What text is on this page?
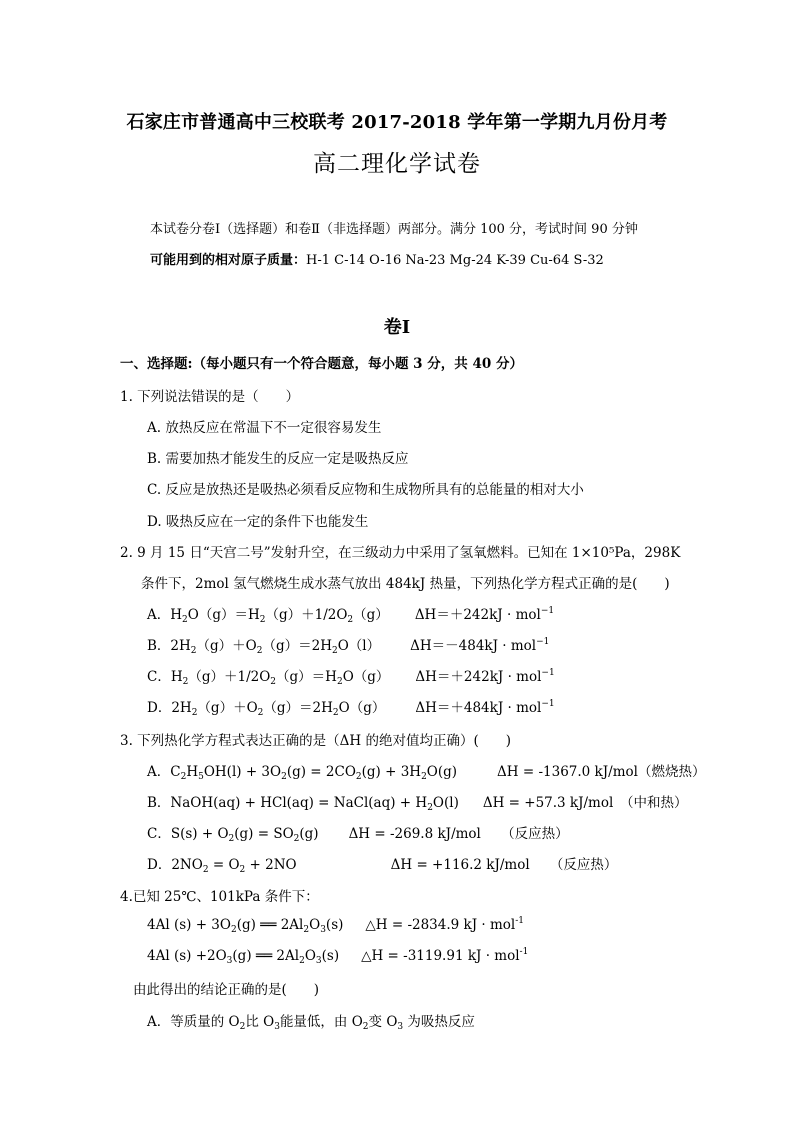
石家庄市普通高中三校联考 2017-2018 学年第一学期九月份月考
高二理化学试卷
本试卷分卷Ⅰ（选择题）和卷Ⅱ（非选择题）两部分。满分 100 分，考试时间 90 分钟
可能用到的相对原子质量：H-1 C-14 O-16 Na-23 Mg-24 K-39 Cu-64 S-32
卷Ⅰ
一、选择题:（每小题只有一个符合题意，每小题 3 分，共 40 分）
1. 下列说法错误的是（　　）
A. 放热反应在常温下不一定很容易发生
B. 需要加热才能发生的反应一定是吸热反应
C. 反应是放热还是吸热必须看反应物和生成物所具有的总能量的相对大小
D. 吸热反应在一定的条件下也能发生
2. 9 月 15 日“天宫二号”发射升空，在三级动力中采用了氢氧燃料。已知在 1×10⁵Pa，298K
条件下，2mol 氢气燃烧生成水蒸气放出 484kJ 热量，下列热化学方程式正确的是(　　)
A．$H_2O(g)=H_2(g)+1/2O_2(g) \Delta H=+242kJ \cdot mol^{-1}$
B．$2H_2(g)+O_2(g)=2H_2O(l) \Delta H=-484kJ \cdot mol^{-1}$
C．$H_2(g)+1/2O_2(g)=H_2O(g) \Delta H=+242kJ \cdot mol^{-1}$
D．$2H_2(g)+O_2(g)=2H_2O(g) \Delta H=+484kJ \cdot mol^{-1}$
3. 下列热化学方程式表达正确的是（ΔH 的绝对值均正确）(　　)
A．$C_2H_5OH(l) + 3O_2(g) = 2CO_2(g) + 3H_2O(g)$	ΔH = -1367.0 kJ/mol（燃烧热）
B．NaOH(aq) + HCl(aq) = NaCl(aq) + $H_2O(l) \Delta H = +57.3$ kJ/mol　（中和热）
C．$S(s) + O_2(g) = SO_2(g) \Delta H = -269.8$ kJ/mol　　（反应热）
D．$2NO_2 = O_2 + 2NO$	ΔH = +116.2 kJ/mol　　（反应热）
4.已知 25℃、101kPa 条件下：
4Al $(s) + 3O_2(g)$ ══ $2Al_2O_3(s)$ △H = -2834.9 kJ · mol$^{-1}$
4Al $(s) +2O_3(g)$ ══ $2Al_2O_3(s)$ △H = -3119.91 kJ · mol$^{-1}$
由此得出的结论正确的是(　　)
A．等质量的 $O_2$比 $O_3$能量低，由 $O_2$变 $O_3$ 为吸热反应
